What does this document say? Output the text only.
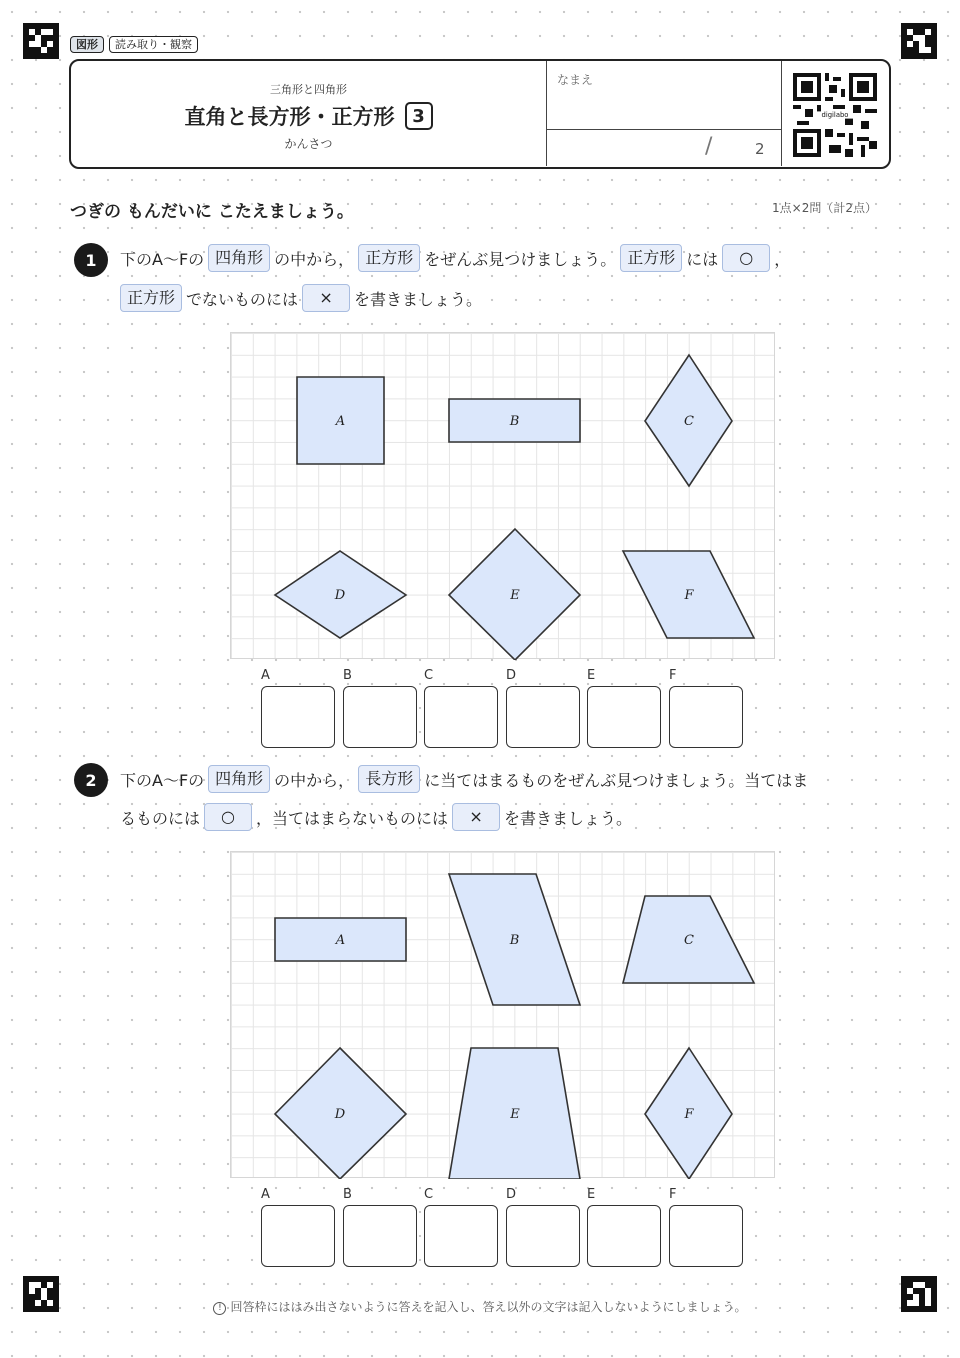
図形	読み取り・観察
三角形と四角形
直角と長方形・正方形 3
かんさつ
なまえ
/	2
digilabo
つぎの もんだいに こたえましょう。	1点×2問（計2点）
1	下のA〜Fの 四角形 の中から， 正方形 をぜんぶ見つけましょう。 正方形 には	○	，
正方形 でないものには	×	を書きましょう。
A	B	C
D	E	F
A	B	C	D	E	F
2	下のA〜Fの 四角形 の中から， 長方形 に当てはまるものをぜんぶ見つけましょう。当てはま
るものには	○	，当てはまらないものには	×	を書きましょう。
A	B	C
D	E	F
A	B	C	D	E	F
! 回答枠にははみ出さないように答えを記入し、答え以外の文字は記入しないようにしましょう。
